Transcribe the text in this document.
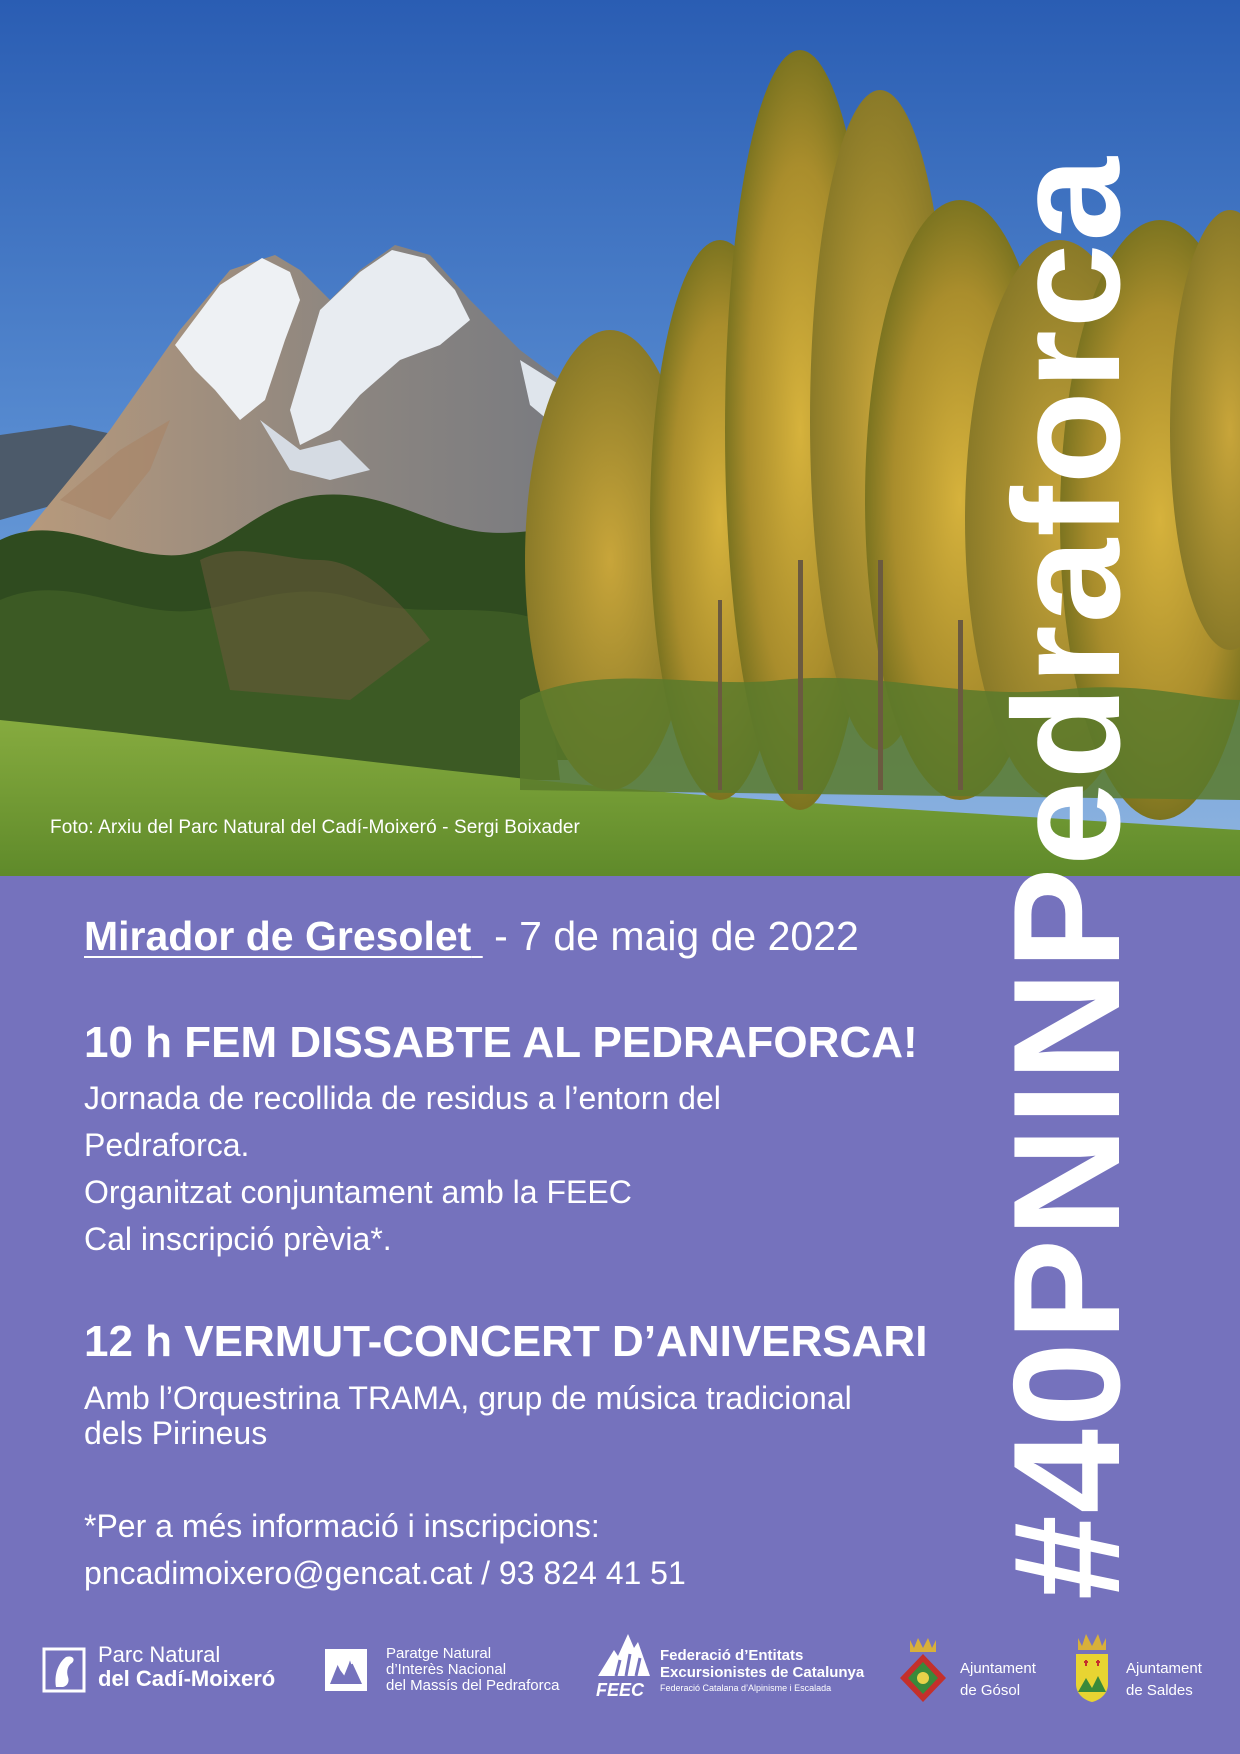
Foto: Arxiu del Parc Natural del Cadí-Moixeró - Sergi Boixader	#40PNINPedraforca
Mirador de Gresolet  - 7 de maig de 2022
10 h FEM DISSABTE AL PEDRAFORCA!
Jornada de recollida de residus a l’entorn del
Pedraforca.
Organitzat conjuntament amb la FEEC
Cal inscripció prèvia*.
12 h VERMUT-CONCERT D’ANIVERSARI
Amb l’Orquestrina TRAMA, grup de música tradicional
dels Pirineus
*Per a més informació i inscripcions:
pncadimoixero@gencat.cat / 93 824 41 51
Parc Natural
del Cadí-Moixeró
Paratge Natural
d’Interès Nacional
del Massís del Pedraforca FEEC
Federació d’Entitats
Excursionistes de Catalunya
Federació Catalana d’Alpinisme i Escalada
Ajuntament
de Gósol
Ajuntament
de Saldes
